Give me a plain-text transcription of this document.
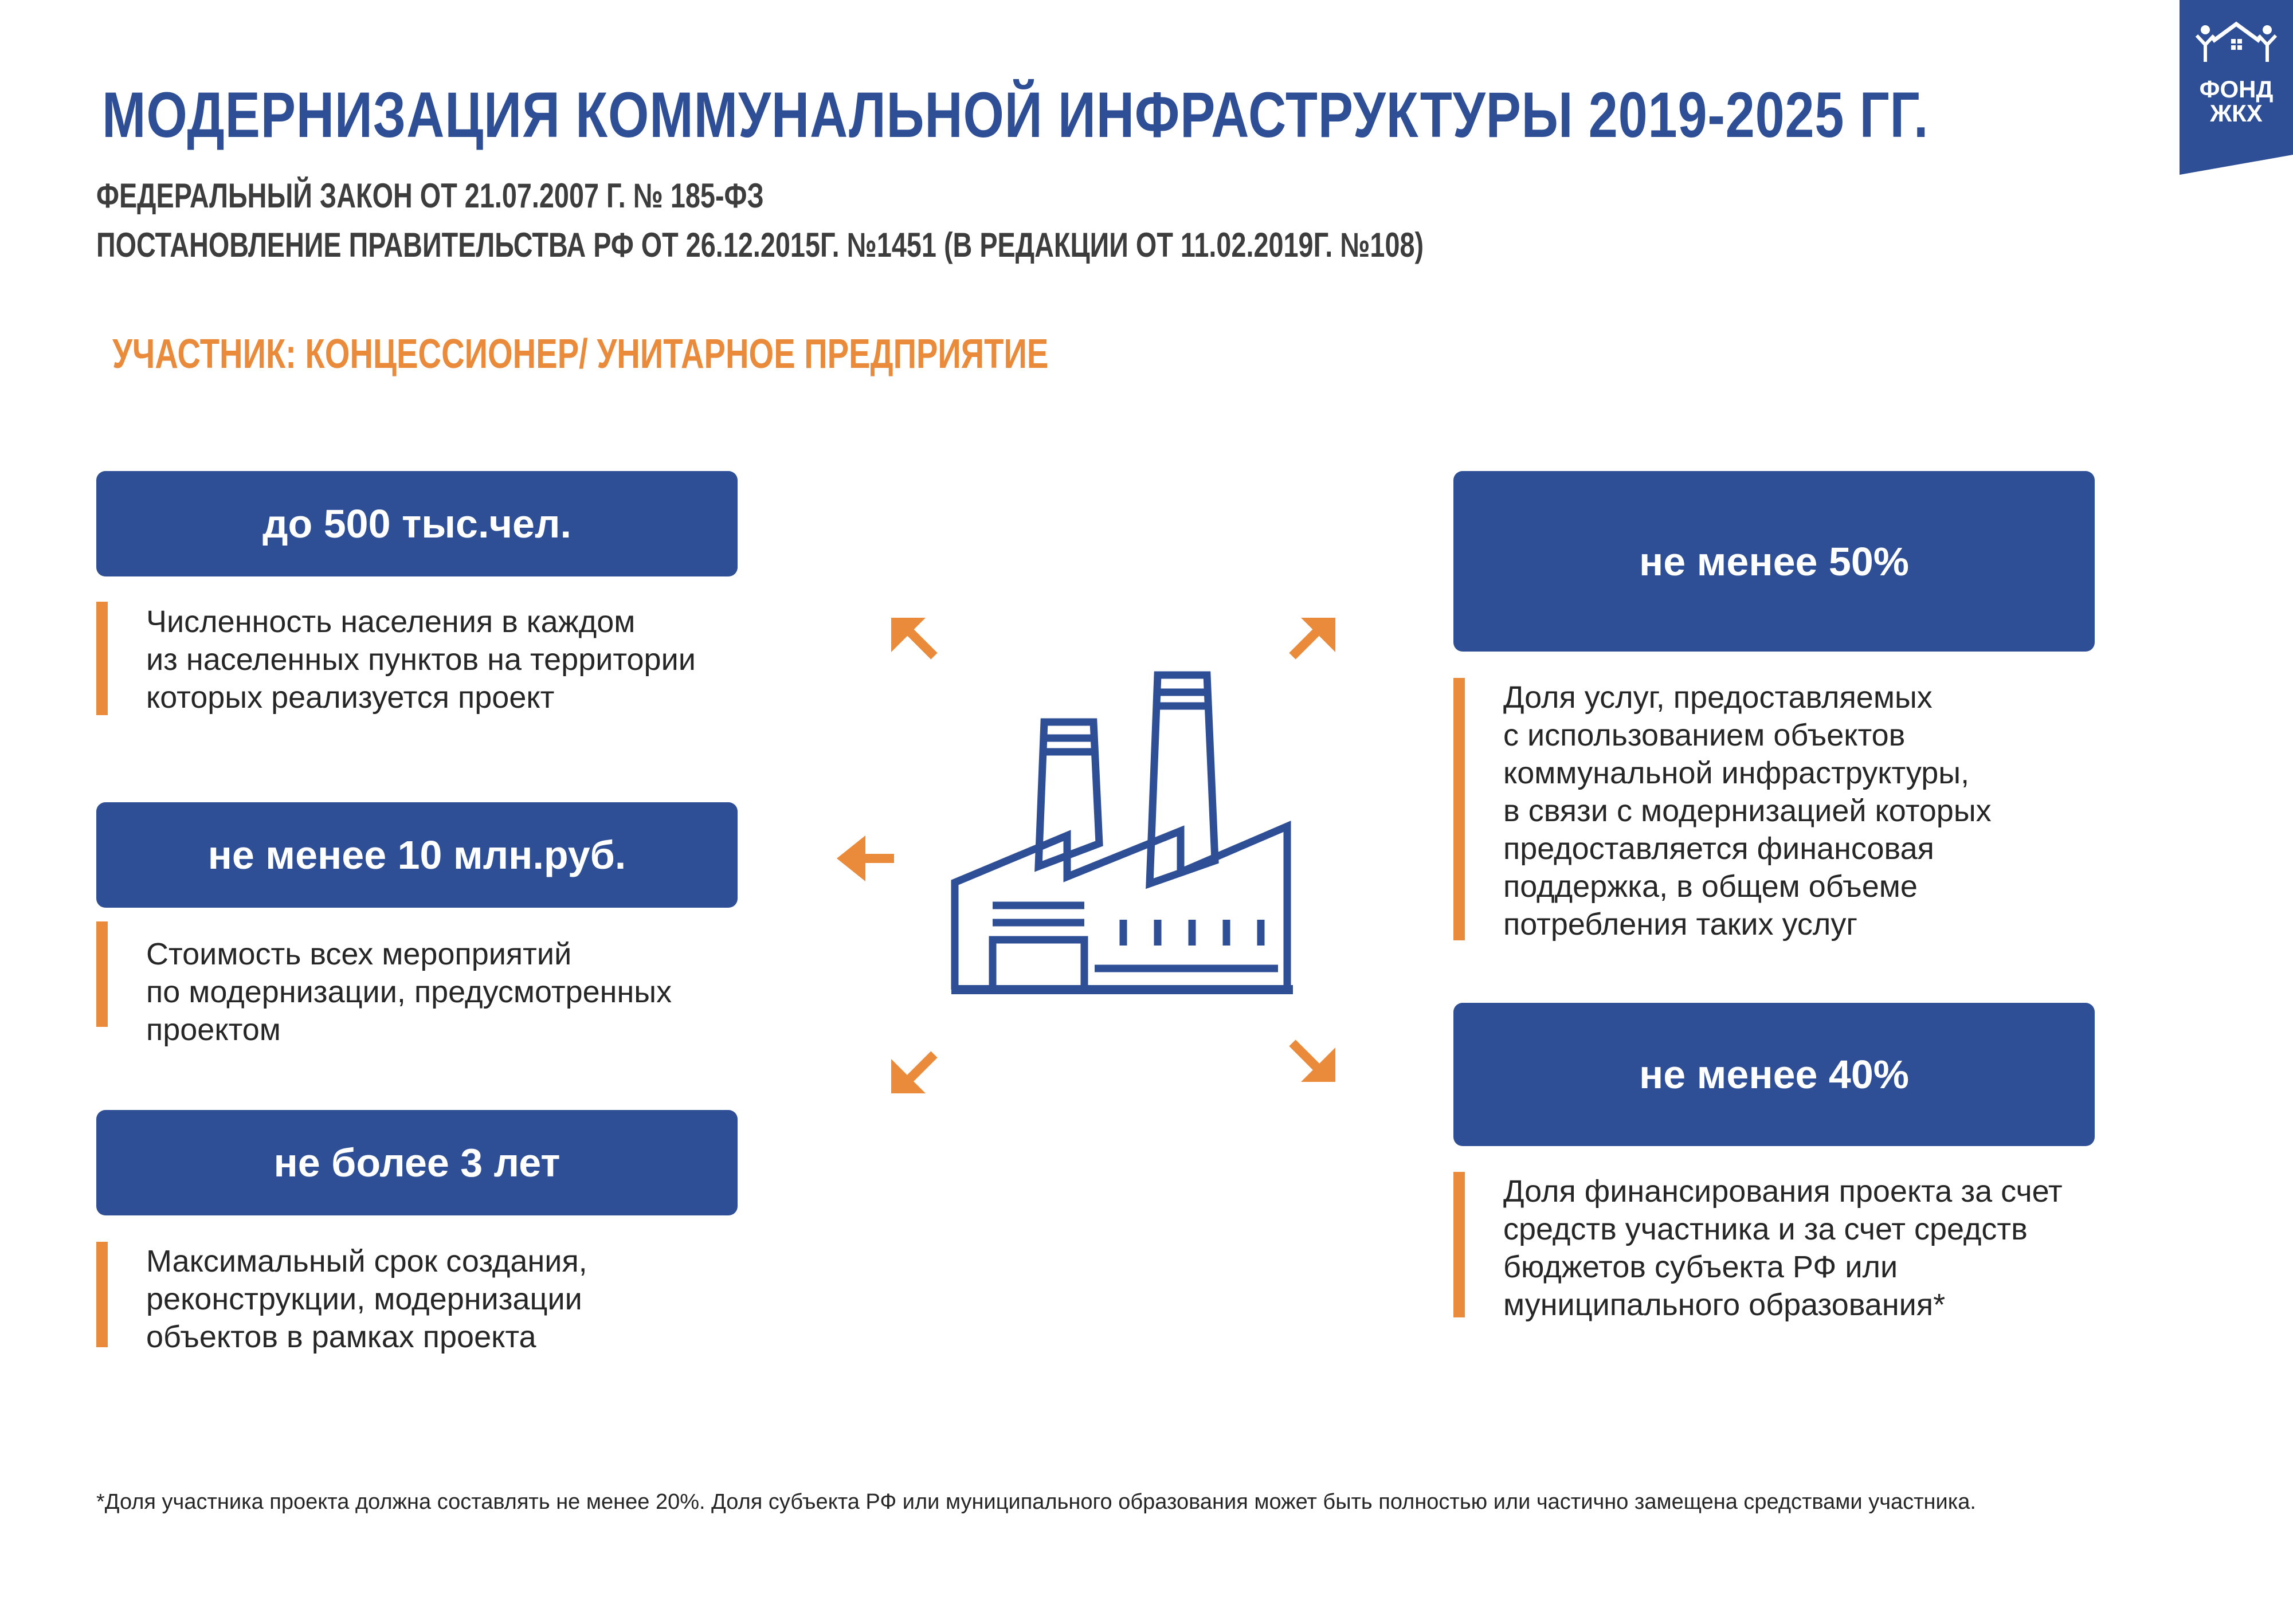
ФОНД
ЖКХ
МОДЕРНИЗАЦИЯ КОММУНАЛЬНОЙ ИНФРАСТРУКТУРЫ 2019-2025 ГГ.
ФЕДЕРАЛЬНЫЙ ЗАКОН ОТ 21.07.2007 Г. № 185-ФЗ
ПОСТАНОВЛЕНИЕ ПРАВИТЕЛЬСТВА РФ ОТ 26.12.2015Г. №1451 (В РЕДАКЦИИ ОТ 11.02.2019Г. №108)
УЧАСТНИК: КОНЦЕССИОНЕР/ УНИТАРНОЕ ПРЕДПРИЯТИЕ
до 500 тыс.чел.
Численность населения в каждом
из населенных пунктов на территории
которых реализуется проект
не менее 10 млн.руб.
Стоимость всех мероприятий
по модернизации, предусмотренных
проектом
не более 3 лет
Максимальный срок создания,
реконструкции, модернизации
объектов в рамках проекта
не менее 50%
Доля услуг, предоставляемых
с использованием объектов
коммунальной инфраструктуры,
в связи с модернизацией которых
предоставляется финансовая
поддержка, в общем объеме
потребления таких услуг
не менее 40%
Доля финансирования проекта за счет
средств участника и за счет средств
бюджетов субъекта РФ или
муниципального образования*
*Доля участника проекта должна составлять не менее 20%. Доля субъекта РФ или муниципального образования может быть полностью или частично замещена средствами участника.
